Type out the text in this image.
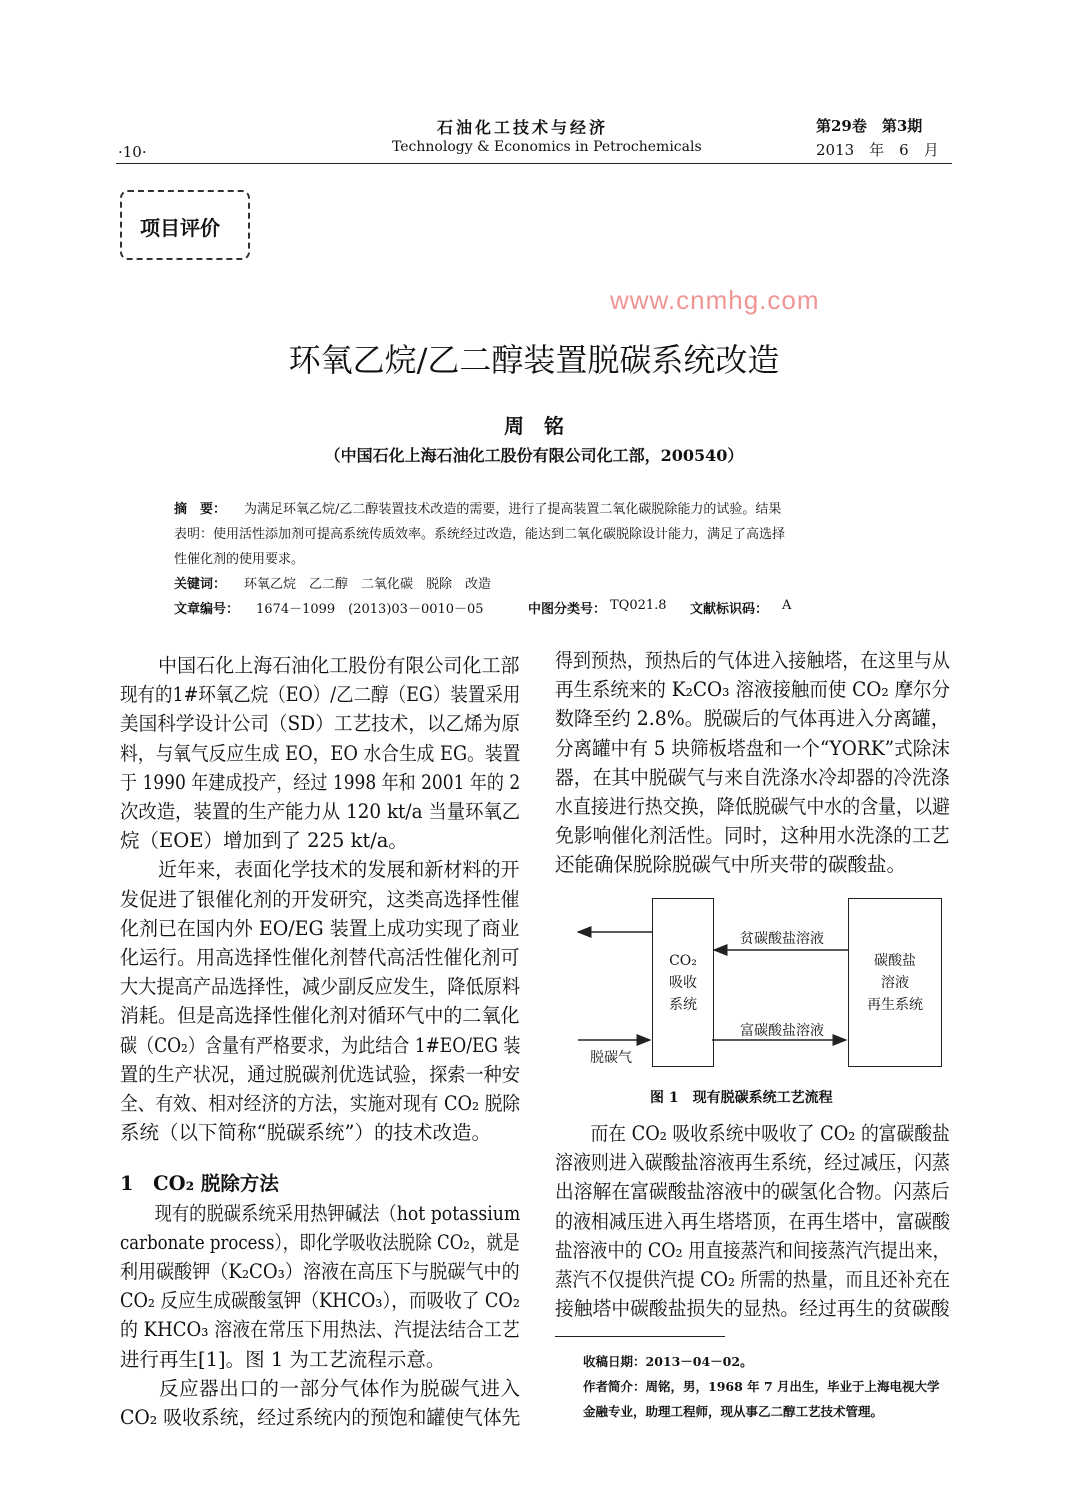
·10·
石油化工技术与经济
Technology & Economics in Petrochemicals
第29卷　第3期
2013　年　6　月
项目评价
环氧乙烷/乙二醇装置脱碳系统改造
周　铭
（中国石化上海石油化工股份有限公司化工部，200540）
摘　要： 为满足环氧乙烷/乙二醇装置技术改造的需要，进行了提高装置二氧化碳脱除能力的试验。结果
表明：使用活性添加剂可提高系统传质效率。系统经过改造，能达到二氧化碳脱除设计能力，满足了高选择
性催化剂的使用要求。
关键词： 环氧乙烷　乙二醇　二氧化碳　脱除　改造
文章编号： 1674－1099　(2013)03－0010－05	中图分类号： TQ021.8 文献标识码： A
中国石化上海石油化工股份有限公司化工部
现有的1#环氧乙烷（EO）/乙二醇（EG）装置采用
美国科学设计公司（SD）工艺技术，以乙烯为原
料，与氧气反应生成 EO，EO 水合生成 EG。装置
于 1990 年建成投产，经过 1998 年和 2001 年的 2
次改造，装置的生产能力从 120 kt/a 当量环氧乙
烷（EOE）增加到了 225 kt/a。
近年来，表面化学技术的发展和新材料的开
发促进了银催化剂的开发研究，这类高选择性催
化剂已在国内外 EO/EG 装置上成功实现了商业
化运行。用高选择性催化剂替代高活性催化剂可
大大提高产品选择性，减少副反应发生，降低原料
消耗。但是高选择性催化剂对循环气中的二氧化
碳（CO₂）含量有严格要求，为此结合 1#EO/EG 装
置的生产状况，通过脱碳剂优选试验，探索一种安
全、有效、相对经济的方法，实施对现有 CO₂ 脱除
系统（以下简称“脱碳系统”）的技术改造。
1　CO₂ 脱除方法
现有的脱碳系统采用热钾碱法（hot potassium
carbonate process），即化学吸收法脱除 CO₂，就是
利用碳酸钾（K₂CO₃）溶液在高压下与脱碳气中的
CO₂ 反应生成碳酸氢钾（KHCO₃），而吸收了 CO₂
的 KHCO₃ 溶液在常压下用热法、汽提法结合工艺
进行再生[1]。图 1 为工艺流程示意。
反应器出口的一部分气体作为脱碳气进入
CO₂ 吸收系统，经过系统内的预饱和罐使气体先
得到预热，预热后的气体进入接触塔，在这里与从
再生系统来的 K₂CO₃ 溶液接触而使 CO₂ 摩尔分
数降至约 2.8%。脱碳后的气体再进入分离罐，
分离罐中有 5 块筛板塔盘和一个“YORK”式除沫
器，在其中脱碳气与来自洗涤水冷却器的冷洗涤
水直接进行热交换，降低脱碳气中水的含量，以避
免影响催化剂活性。同时，这种用水洗涤的工艺
还能确保脱除脱碳气中所夹带的碳酸盐。
CO₂
吸收
系统
碳酸盐
溶液
再生系统
贫碳酸盐溶液
富碳酸盐溶液
脱碳气
图 1　现有脱碳系统工艺流程
而在 CO₂ 吸收系统中吸收了 CO₂ 的富碳酸盐
溶液则进入碳酸盐溶液再生系统，经过减压，闪蒸
出溶解在富碳酸盐溶液中的碳氢化合物。闪蒸后
的液相减压进入再生塔塔顶，在再生塔中，富碳酸
盐溶液中的 CO₂ 用直接蒸汽和间接蒸汽汽提出来，
蒸汽不仅提供汽提 CO₂ 所需的热量，而且还补充在
接触塔中碳酸盐损失的显热。经过再生的贫碳酸
收稿日期：2013－04－02。
作者简介：周铭，男，1968 年 7 月出生，毕业于上海电视大学
金融专业，助理工程师，现从事乙二醇工艺技术管理。
www.cnmhg.com
